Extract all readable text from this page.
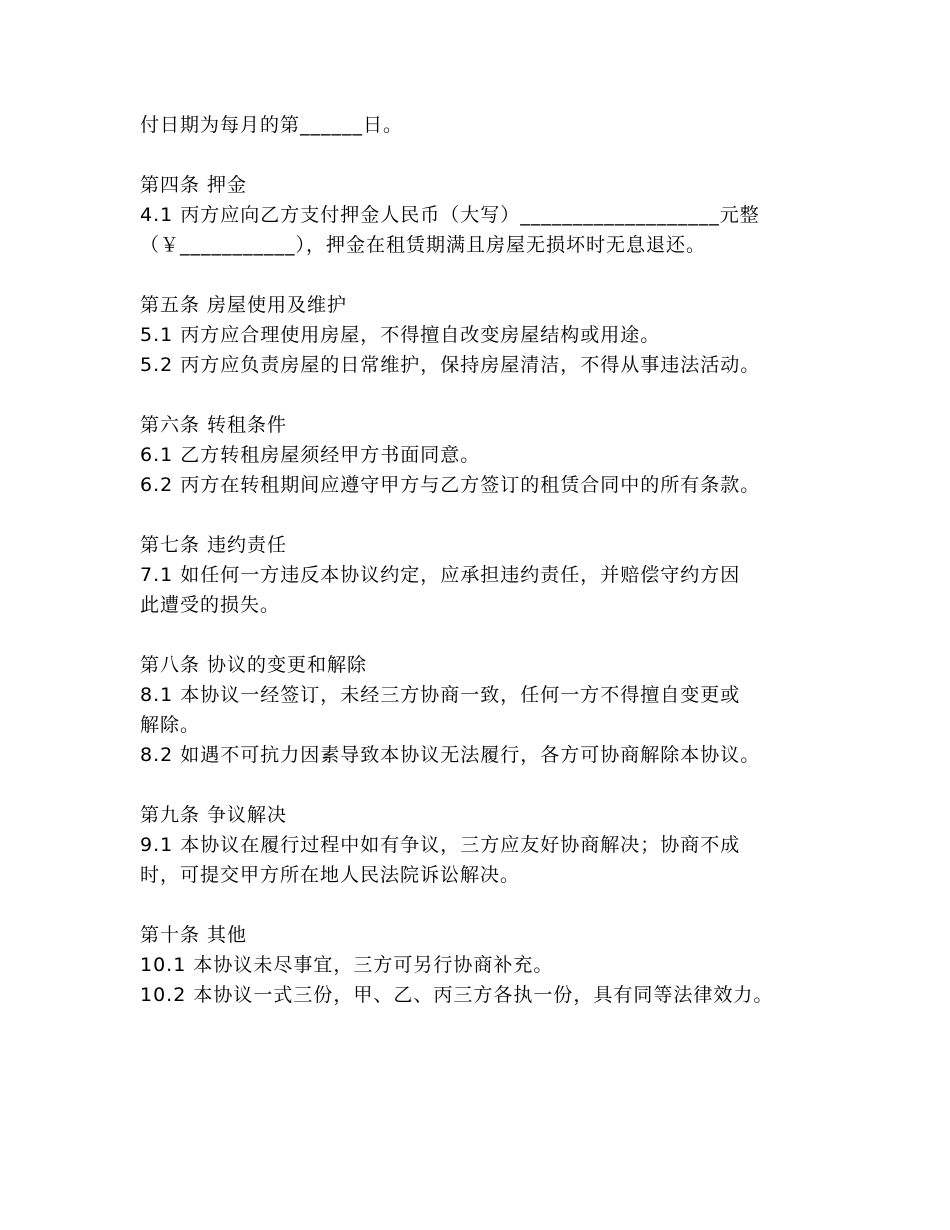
付日期为每月的第______日。
第四条 押金
4.1 丙方应向乙方支付押金人民币（大写）___________________元整
（￥___________），押金在租赁期满且房屋无损坏时无息退还。
第五条 房屋使用及维护
5.1 丙方应合理使用房屋，不得擅自改变房屋结构或用途。
5.2 丙方应负责房屋的日常维护，保持房屋清洁，不得从事违法活动。
第六条 转租条件
6.1 乙方转租房屋须经甲方书面同意。
6.2 丙方在转租期间应遵守甲方与乙方签订的租赁合同中的所有条款。
第七条 违约责任
7.1 如任何一方违反本协议约定，应承担违约责任，并赔偿守约方因
此遭受的损失。
第八条 协议的变更和解除
8.1 本协议一经签订，未经三方协商一致，任何一方不得擅自变更或
解除。
8.2 如遇不可抗力因素导致本协议无法履行，各方可协商解除本协议。
第九条 争议解决
9.1 本协议在履行过程中如有争议，三方应友好协商解决；协商不成
时，可提交甲方所在地人民法院诉讼解决。
第十条 其他
10.1 本协议未尽事宜，三方可另行协商补充。
10.2 本协议一式三份，甲、乙、丙三方各执一份，具有同等法律效力。
